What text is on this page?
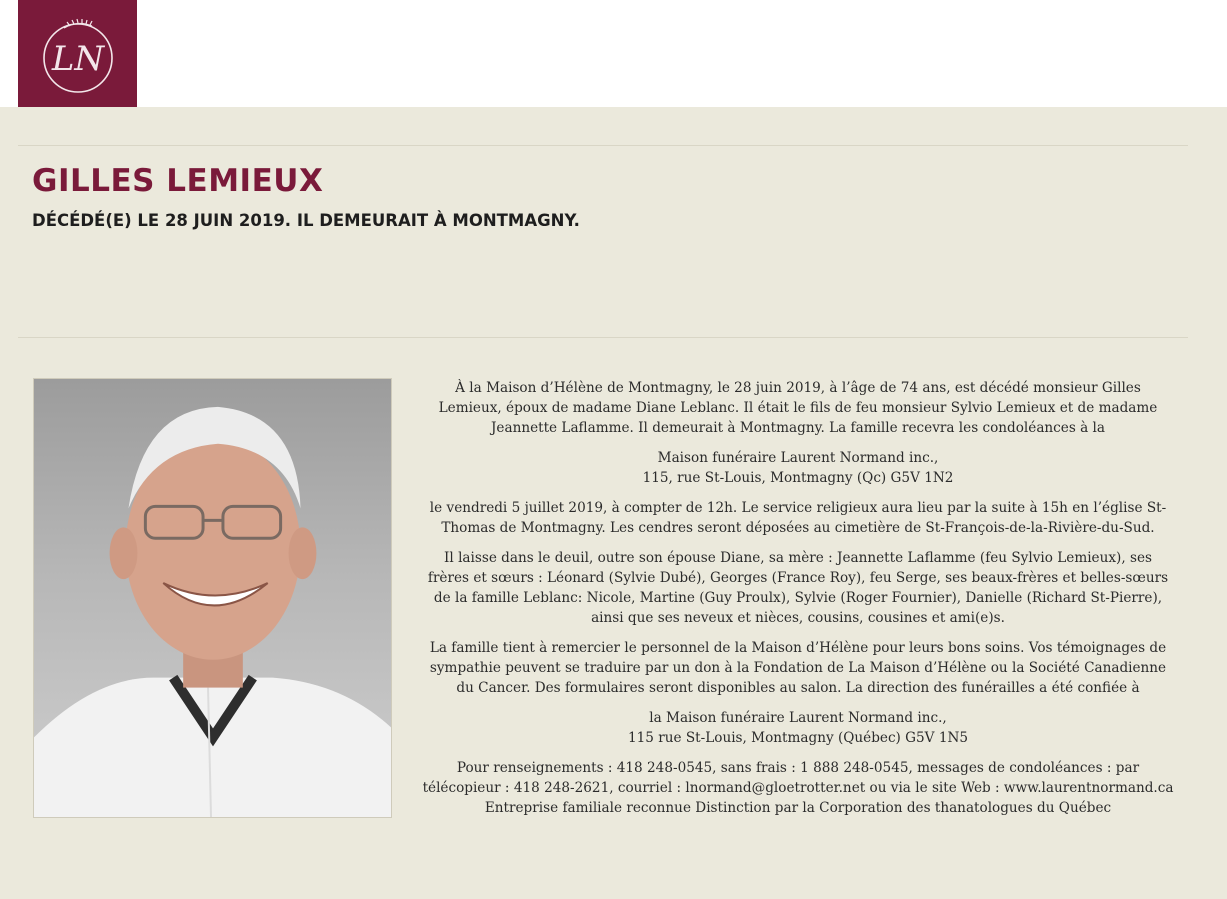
LN
GILLES LEMIEUX
DÉCÉDÉ(E) LE 28 JUIN 2019. IL DEMEURAIT À MONTMAGNY.

À la Maison d’Hélène de Montmagny, le 28 juin 2019, à l’âge de 74 ans, est décédé monsieur Gilles Lemieux, époux de madame Diane Leblanc. Il était le fils de feu monsieur Sylvio Lemieux et de madame Jeannette Laflamme. Il demeurait à Montmagny. La famille recevra les condoléances à la

Maison funéraire Laurent Normand inc.,
115, rue St-Louis, Montmagny (Qc) G5V 1N2

le vendredi 5 juillet 2019, à compter de 12h. Le service religieux aura lieu par la suite à 15h en l’église St-Thomas de Montmagny. Les cendres seront déposées au cimetière de St-François-de-la-Rivière-du-Sud.

Il laisse dans le deuil, outre son épouse Diane, sa mère : Jeannette Laflamme (feu Sylvio Lemieux), ses frères et sœurs : Léonard (Sylvie Dubé), Georges (France Roy), feu Serge, ses beaux-frères et belles-sœurs de la famille Leblanc: Nicole, Martine (Guy Proulx), Sylvie (Roger Fournier), Danielle (Richard St-Pierre), ainsi que ses neveux et nièces, cousins, cousines et ami(e)s.

La famille tient à remercier le personnel de la Maison d’Hélène pour leurs bons soins. Vos témoignages de sympathie peuvent se traduire par un don à la Fondation de La Maison d’Hélène ou la Société Canadienne du Cancer. Des formulaires seront disponibles au salon. La direction des funérailles a été confiée à

la Maison funéraire Laurent Normand inc.,
115 rue St-Louis, Montmagny (Québec) G5V 1N5

Pour renseignements : 418 248-0545, sans frais : 1 888 248-0545, messages de condoléances : par télécopieur : 418 248-2621, courriel : lnormand@gloetrotter.net ou via le site Web : www.laurentnormand.ca
Entreprise familiale reconnue Distinction par la Corporation des thanatologues du Québec
